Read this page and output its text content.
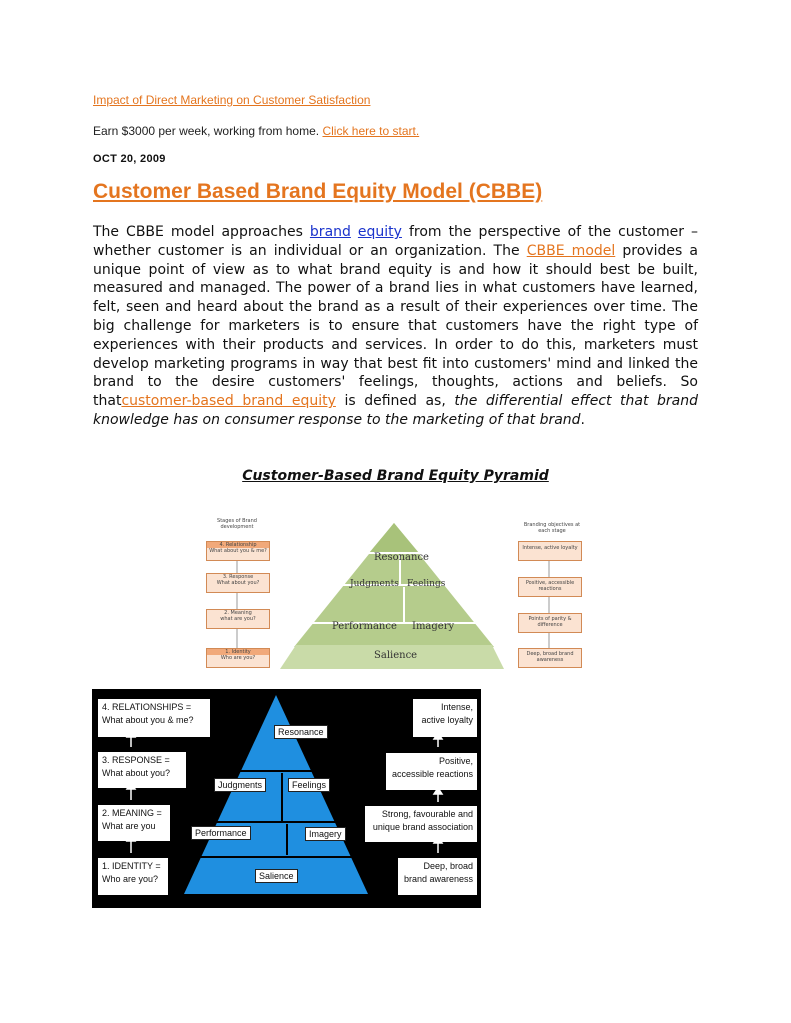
Impact of Direct Marketing on Customer Satisfaction
Earn $3000 per week, working from home. Click here to start.
OCT 20, 2009
Customer Based Brand Equity Model (CBBE)
The CBBE model approaches brand equity from the perspective of the customer – whether customer is an individual or an organization. The CBBE model provides a unique point of view as to what brand equity is and how it should best be built, measured and managed. The power of a brand lies in what customers have learned, felt, seen and heard about the brand as a result of their experiences over time. The big challenge for marketers is to ensure that customers have the right type of experiences with their products and services. In order to do this, marketers must develop marketing programs in way that best fit into customers' mind and linked the brand to the desire customers' feelings, thoughts, actions and beliefs. So thatcustomer-based brand equity is defined as, the differential effect that brand knowledge has on consumer response to the marketing of that brand.
Customer-Based Brand Equity Pyramid
Stages of Brand development	Branding objectives at each stage
4. Relationship
What about you & me?
3. Response
What about you?
2. Meaning
what are you?
1. Identity
Who are you?
Intense, active loyalty
Positive, accessible reactions
Points of parity & difference
Deep, broad brand awareness
Resonance
Judgments Feelings
Performance Imagery
Salience
4. RELATIONSHIPS =
What about you & me?
3. RESPONSE =
What about you?
2. MEANING =
What are you
1. IDENTITY =
Who are you?
Intense,
active loyalty
Positive,
accessible reactions
Strong, favourable and
unique brand association
Deep, broad
brand awareness
Resonance
Judgments	Feelings
Performance	Imagery
Salience
